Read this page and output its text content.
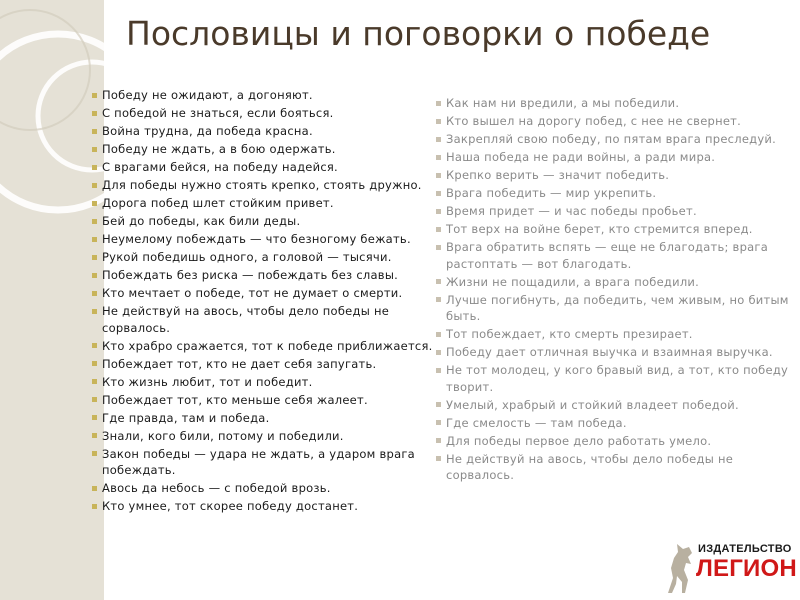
Пословицы и поговорки о победе
Победу не ожидают, а догоняют.
С победой не знаться, если бояться.
Война трудна, да победа красна.
Победу не ждать, а в бою одержать.
С врагами бейся, на победу надейся.
Для победы нужно стоять крепко, стоять дружно.
Дорога побед шлет стойким привет.
Бей до победы, как били деды.
Неумелому побеждать — что безногому бежать.
Рукой победишь одного, а головой — тысячи.
Побеждать без риска — побеждать без славы.
Кто мечтает о победе, тот не думает о смерти.
Не действуй на авось, чтобы дело победы не сорвалось.
Кто храбро сражается, тот к победе приближается.
Побеждает тот, кто не дает себя запугать.
Кто жизнь любит, тот и победит.
Побеждает тот, кто меньше себя жалеет.
Где правда, там и победа.
Знали, кого били, потому и победили.
Закон победы — удара не ждать, а ударом врага побеждать.
Авось да небось — с победой врозь.
Кто умнее, тот скорее победу достанет.
Как нам ни вредили, а мы победили.
Кто вышел на дорогу побед, с нее не свернет.
Закрепляй свою победу, по пятам врага преследуй.
Наша победа не ради войны, а ради мира.
Крепко верить — значит победить.
Врага победить — мир укрепить.
Время придет — и час победы пробьет.
Тот верх на войне берет, кто стремится вперед.
Врага обратить вспять — еще не благодать; врага растоптать — вот благодать.
Жизни не пощадили, а врага победили.
Лучше погибнуть, да победить, чем живым, но битым быть.
Тот побеждает, кто смерть презирает.
Победу дает отличная выучка и взаимная выручка.
Не тот молодец, у кого бравый вид, а тот, кто победу творит.
Умелый, храбрый и стойкий владеет победой.
Где смелость — там победа.
Для победы первое дело работать умело.
Не действуй на авось, чтобы дело победы не сорвалось.
ИЗДАТЕЛЬСТВО
ЛЕГИОН
